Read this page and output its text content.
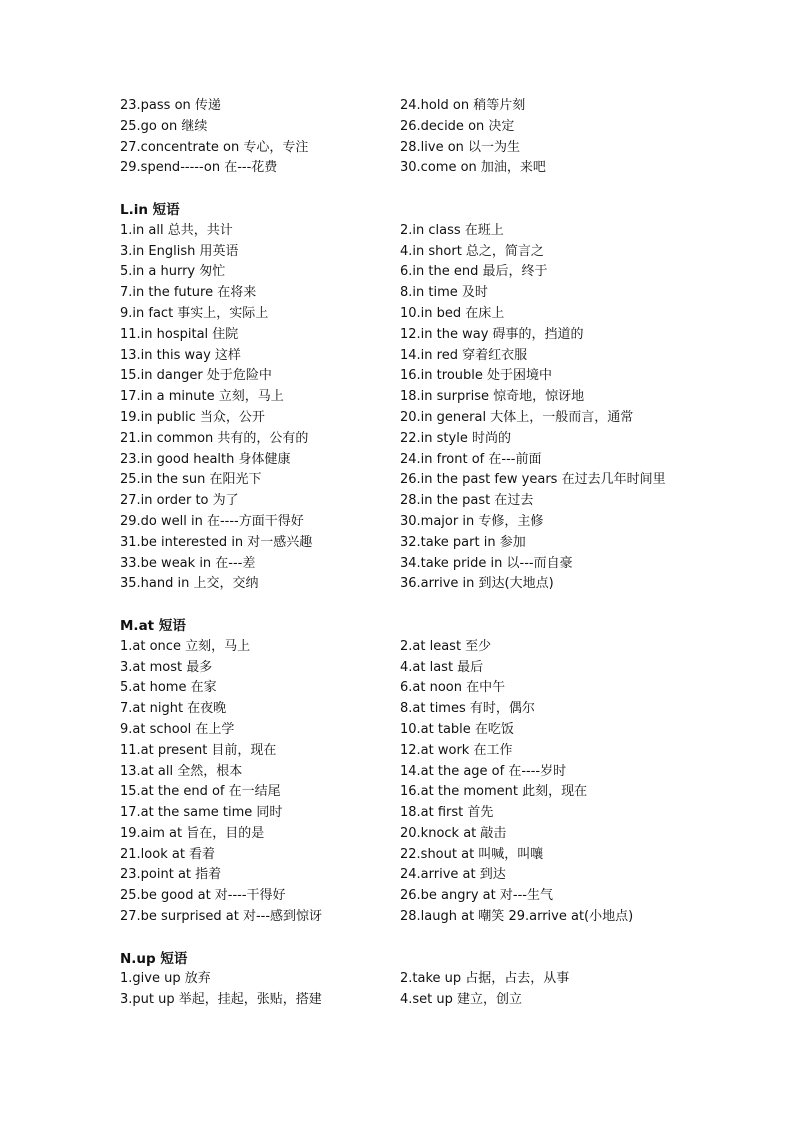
23.pass on 传递	24.hold on 稍等片刻
25.go on 继续	26.decide on 决定
27.concentrate on 专心，专注	28.live on 以一为生
29.spend-----on 在---花费	30.come on 加油，来吧
L.in 短语
1.in all 总共，共计	2.in class 在班上
3.in English 用英语	4.in short 总之，简言之
5.in a hurry 匆忙	6.in the end 最后，终于
7.in the future 在将来	8.in time 及时
9.in fact 事实上，实际上	10.in bed 在床上
11.in hospital 住院	12.in the way 碍事的，挡道的
13.in this way 这样	14.in red 穿着红衣服
15.in danger 处于危险中	16.in trouble 处于困境中
17.in a minute 立刻，马上	18.in surprise 惊奇地，惊讶地
19.in public 当众，公开	20.in general 大体上，一般而言，通常
21.in common 共有的，公有的	22.in style 时尚的
23.in good health 身体健康	24.in front of 在---前面
25.in the sun 在阳光下	26.in the past few years 在过去几年时间里
27.in order to 为了	28.in the past 在过去
29.do well in 在----方面干得好	30.major in 专修，主修
31.be interested in 对一感兴趣	32.take part in 参加
33.be weak in 在---差	34.take pride in 以---而自豪
35.hand in 上交，交纳	36.arrive in 到达(大地点)
M.at 短语
1.at once 立刻，马上	2.at least 至少
3.at most 最多	4.at last 最后
5.at home 在家	6.at noon 在中午
7.at night 在夜晚	8.at times 有时，偶尔
9.at school 在上学	10.at table 在吃饭
11.at present 目前，现在	12.at work 在工作
13.at all 全然，根本	14.at the age of 在----岁时
15.at the end of 在一结尾	16.at the moment 此刻，现在
17.at the same time 同时	18.at first 首先
19.aim at 旨在，目的是	20.knock at 敲击
21.look at 看着	22.shout at 叫喊，叫嚷
23.point at 指着	24.arrive at 到达
25.be good at 对----干得好	26.be angry at 对---生气
27.be surprised at 对---感到惊讶	28.laugh at 嘲笑 29.arrive at(小地点)
N.up 短语
1.give up 放弃	2.take up 占据，占去，从事
3.put up 举起，挂起，张贴，搭建	4.set up 建立，创立
